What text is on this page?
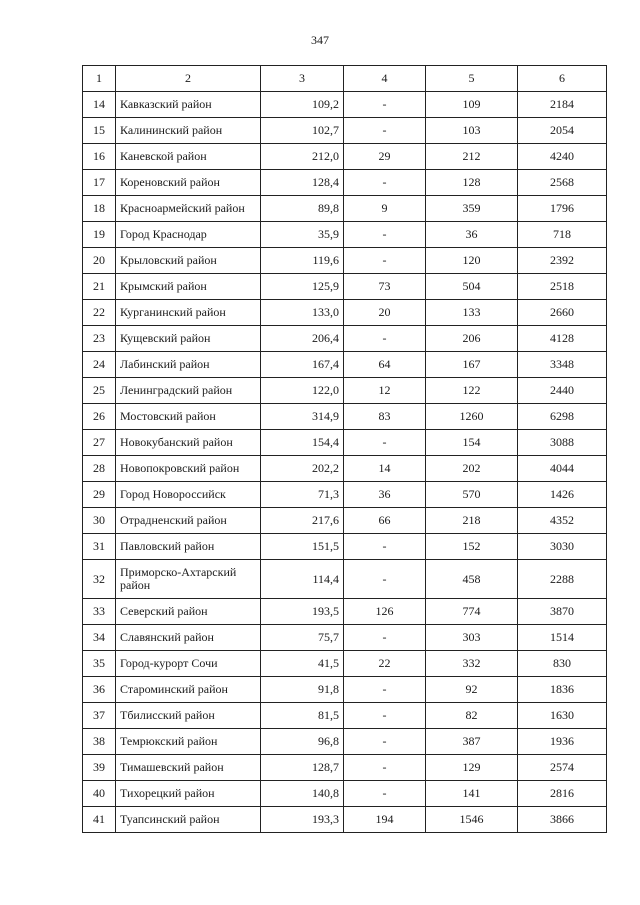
347
1	2	3	4	5	6
14	Кавказский район	109,2	-	109	2184
15	Калининский район	102,7	-	103	2054
16	Каневской район	212,0	29	212	4240
17	Кореновский район	128,4	-	128	2568
18	Красноармейский район	89,8	9	359	1796
19	Город Краснодар	35,9	-	36	718
20	Крыловский район	119,6	-	120	2392
21	Крымский район	125,9	73	504	2518
22	Курганинский район	133,0	20	133	2660
23	Кущевский район	206,4	-	206	4128
24	Лабинский район	167,4	64	167	3348
25	Ленинградский район	122,0	12	122	2440
26	Мостовский район	314,9	83	1260	6298
27	Новокубанский район	154,4	-	154	3088
28	Новопокровский район	202,2	14	202	4044
29	Город Новороссийск	71,3	36	570	1426
30	Отрадненский район	217,6	66	218	4352
31	Павловский район	151,5	-	152	3030
32	Приморско-Ахтарский район	114,4	-	458	2288
33	Северский район	193,5	126	774	3870
34	Славянский район	75,7	-	303	1514
35	Город-курорт Сочи	41,5	22	332	830
36	Староминский район	91,8	-	92	1836
37	Тбилисский район	81,5	-	82	1630
38	Темрюкский район	96,8	-	387	1936
39	Тимашевский район	128,7	-	129	2574
40	Тихорецкий район	140,8	-	141	2816
41	Туапсинский район	193,3	194	1546	3866
